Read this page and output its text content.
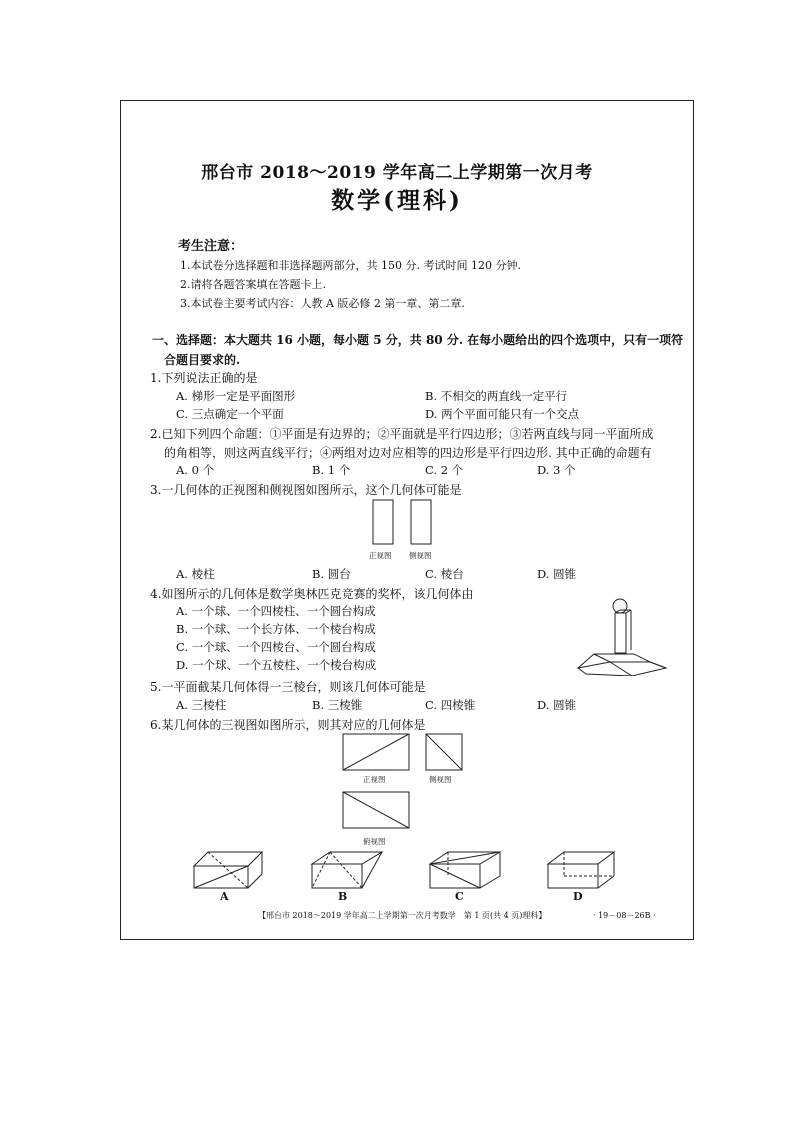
邢台市 2018～2019 学年高二上学期第一次月考
数学(理科)
考生注意：
1.本试卷分选择题和非选择题两部分，共 150 分. 考试时间 120 分钟.
2.请将各题答案填在答题卡上.
3.本试卷主要考试内容：人教 A 版必修 2 第一章、第二章.
一、选择题：本大题共 16 小题，每小题 5 分，共 80 分. 在每小题给出的四个选项中，只有一项符
合题目要求的.
1.下列说法正确的是
A. 梯形一定是平面图形	B. 不相交的两直线一定平行
C. 三点确定一个平面	D. 两个平面可能只有一个交点
2.已知下列四个命题：①平面是有边界的；②平面就是平行四边形；③若两直线与同一平面所成
的角相等，则这两直线平行；④两组对边对应相等的四边形是平行四边形. 其中正确的命题有
A. 0 个	B. 1 个	C. 2 个	D. 3 个
3.一几何体的正视图和侧视图如图所示，这个几何体可能是
正视图 侧视图
A. 棱柱	B. 圆台	C. 棱台	D. 圆锥
4.如图所示的几何体是数学奥林匹克竞赛的奖杯，该几何体由
A. 一个球、一个四棱柱、一个圆台构成
B. 一个球、一个长方体、一个棱台构成
C. 一个球、一个四棱台、一个圆台构成
D. 一个球、一个五棱柱、一个棱台构成
5.一平面截某几何体得一三棱台，则该几何体可能是
A. 三棱柱	B. 三棱锥	C. 四棱锥	D. 圆锥
6.某几何体的三视图如图所示，则其对应的几何体是
正视图	侧视图
俯视图
A	B	C	D
【邢台市 2018～2019 学年高二上学期第一次月考数学　第 1 页(共 4 页)理科】	· 19－08－26B ·
